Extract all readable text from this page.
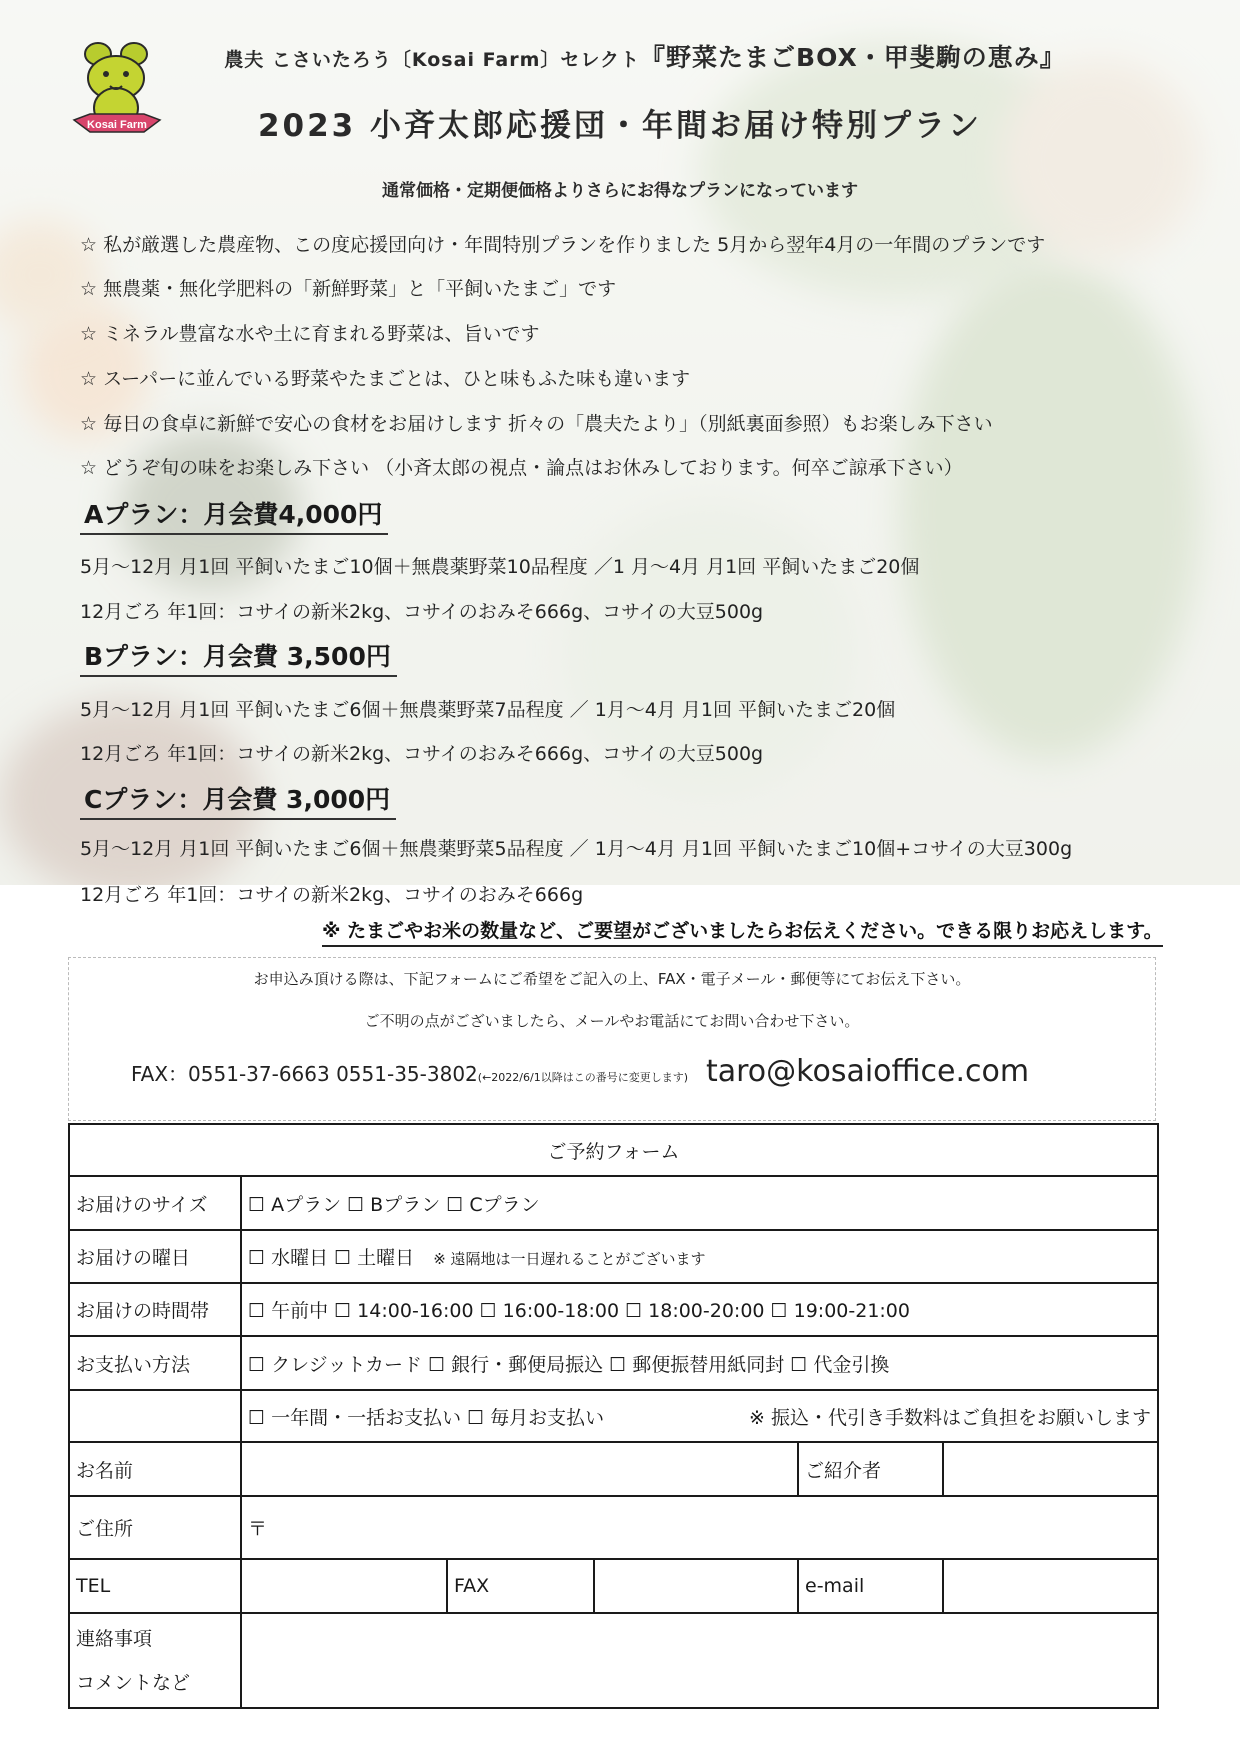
Kosai Farm
農夫 こさいたろう〔Kosai Farm〕セレクト『野菜たまごBOX・甲斐駒の恵み』
2023 小斉太郎応援団・年間お届け特別プラン
通常価格・定期便価格よりさらにお得なプランになっています
☆ 私が厳選した農産物、この度応援団向け・年間特別プランを作りました 5月から翌年4月の一年間のプランです
☆ 無農薬・無化学肥料の「新鮮野菜」と「平飼いたまご」です
☆ ミネラル豊富な水や土に育まれる野菜は、旨いです
☆ スーパーに並んでいる野菜やたまごとは、ひと味もふた味も違います
☆ 毎日の食卓に新鮮で安心の食材をお届けします 折々の「農夫たより」（別紙裏面参照）もお楽しみ下さい
☆ どうぞ旬の味をお楽しみ下さい （小斉太郎の視点・論点はお休みしております。何卒ご諒承下さい）
Aプラン：月会費4,000円
5月～12月 月1回 平飼いたまご10個＋無農薬野菜10品程度 ／1 月～4月 月1回 平飼いたまご20個
12月ごろ 年1回：コサイの新米2kg、コサイのおみそ666g、コサイの大豆500g
Bプラン：月会費 3,500円
5月～12月 月1回 平飼いたまご6個＋無農薬野菜7品程度 ／ 1月～4月 月1回 平飼いたまご20個
12月ごろ 年1回：コサイの新米2kg、コサイのおみそ666g、コサイの大豆500g
Cプラン：月会費 3,000円
5月～12月 月1回 平飼いたまご6個＋無農薬野菜5品程度 ／ 1月～4月 月1回 平飼いたまご10個+コサイの大豆300g
12月ごろ 年1回：コサイの新米2kg、コサイのおみそ666g
※ たまごやお米の数量など、ご要望がございましたらお伝えください。できる限りお応えします。
お申込み頂ける際は、下記フォームにご希望をご記入の上、FAX・電子メール・郵便等にてお伝え下さい。
ご不明の点がございましたら、メールやお電話にてお問い合わせ下さい。
FAX：0551-37-6663 0551-35-3802(←2022/6/1以降はこの番号に変更します) taro@kosaioffice.com
ご予約フォーム					
お届けのサイズ	☐ Aプラン ☐ Bプラン ☐ Cプラン				
お届けの曜日	☐ 水曜日 ☐ 土曜日　 ※ 遠隔地は一日遅れることがございます				
お届けの時間帯	☐ 午前中 ☐ 14:00-16:00 ☐ 16:00-18:00 ☐ 18:00-20:00 ☐ 19:00-21:00				
お支払い方法	☐ クレジットカード ☐ 銀行・郵便局振込 ☐ 郵便振替用紙同封 ☐ 代金引換				
	☐ 一年間・一括お支払い ☐ 毎月お支払い ※ 振込・代引き手数料はご負担をお願いします				

お名前				ご紹介者	
ご住所	〒				
TEL		FAX		e-mail	

連絡事項
コメントなど					
